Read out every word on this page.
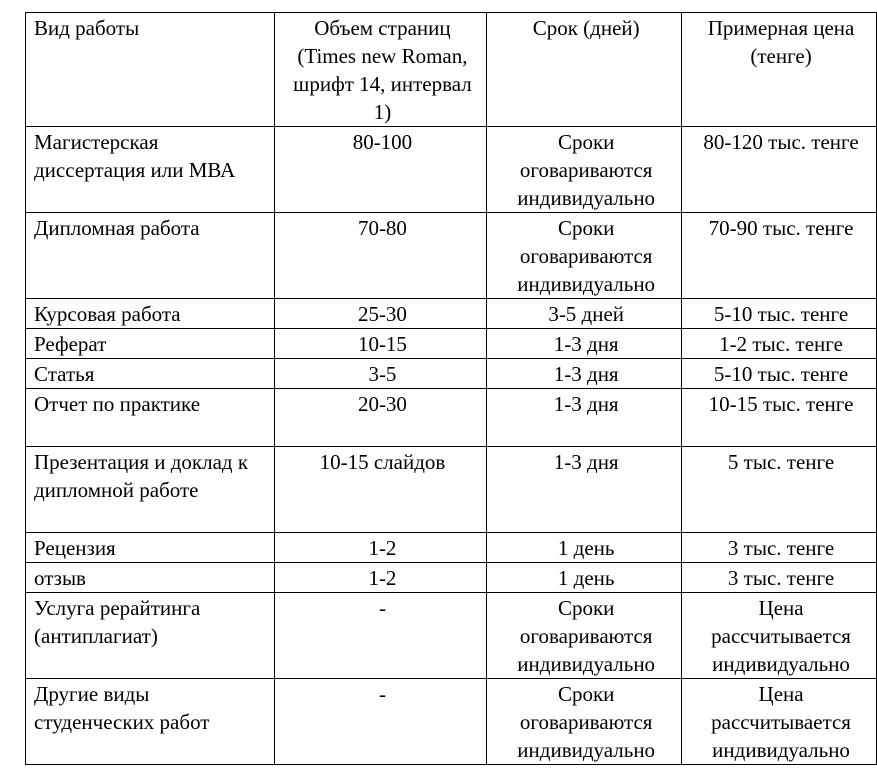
Вид работы	Объем страниц (Times new Roman, шрифт 14, интервал 1)	Срок (дней)	Примерная цена (тенге)
Магистерская диссертация или МВА	80-100	Сроки оговариваются индивидуально	80-120 тыс. тенге
Дипломная работа	70-80	Сроки оговариваются индивидуально	70-90 тыс. тенге
Курсовая работа	25-30	3-5 дней	5-10 тыс. тенге
Реферат	10-15	1-3 дня	1-2 тыс. тенге
Статья	3-5	1-3 дня	5-10 тыс. тенге
Отчет по практике	20-30	1-3 дня	10-15 тыс. тенге
Презентация и доклад к дипломной работе	10-15 слайдов	1-3 дня	5 тыс. тенге
Рецензия	1-2	1 день	3 тыс. тенге
отзыв	1-2	1 день	3 тыс. тенге
Услуга рерайтинга (антиплагиат)	-	Сроки оговариваются индивидуально	Цена рассчитывается индивидуально
Другие виды студенческих работ	-	Сроки оговариваются индивидуально	Цена рассчитывается индивидуально
